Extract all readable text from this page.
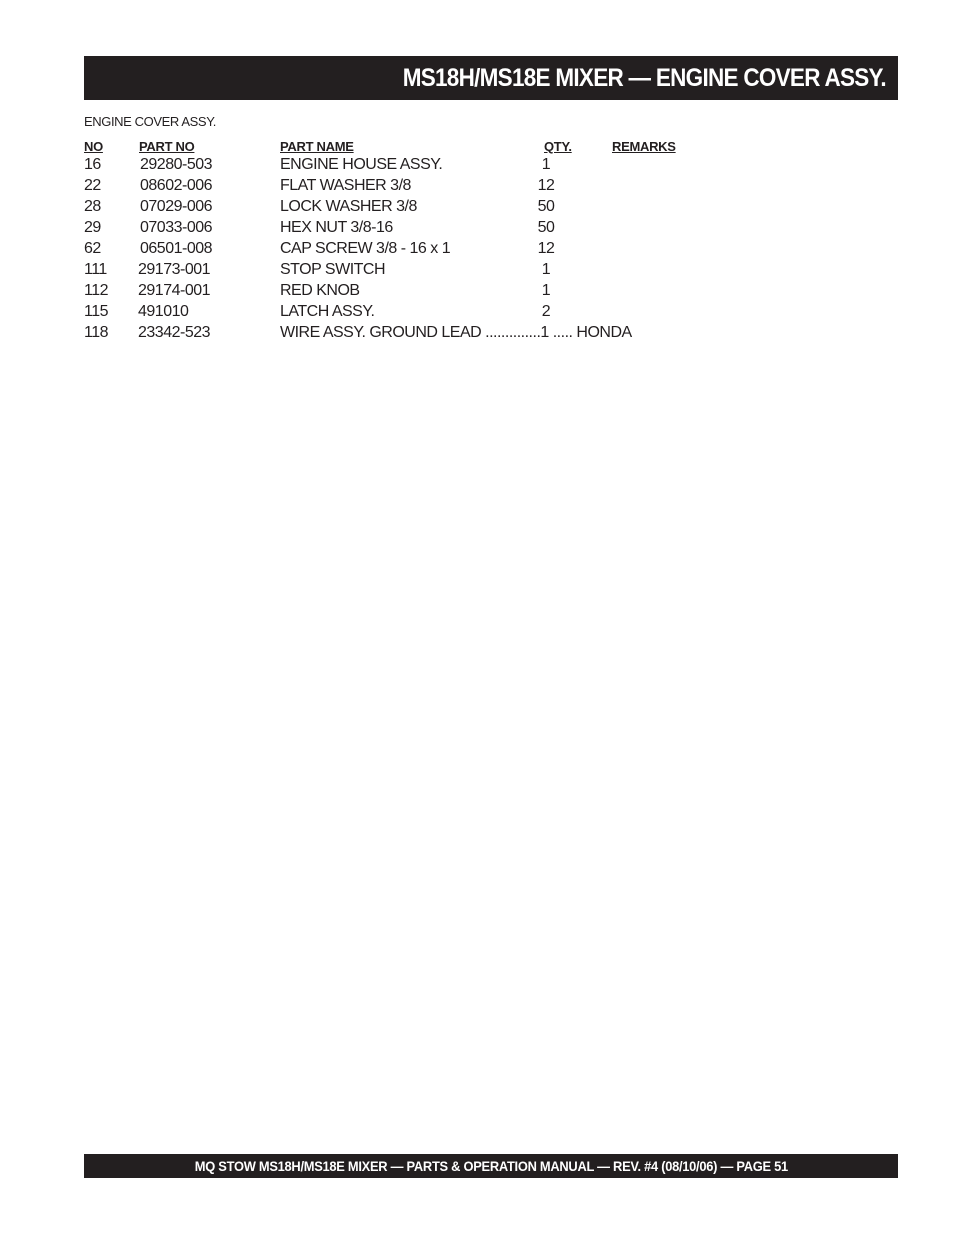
MS18H/MS18E MIXER — ENGINE COVER ASSY.
ENGINE COVER ASSY.
NO	PART NO	PART NAME	QTY.	REMARKS
16 29280-503	ENGINE HOUSE ASSY.	1
22 08602-006	FLAT WASHER 3/8	12
28 07029-006	LOCK WASHER 3/8	50
29 07033-006	HEX NUT 3/8-16	50
62 06501-008	CAP SCREW 3/8 - 16 x 1	12
111 29173-001	STOP SWITCH	1
112 29174-001	RED KNOB	1
115 491010	LATCH ASSY.	2
118 23342-523	WIRE ASSY. GROUND LEAD ..............1 ..... HONDA
MQ STOW MS18H/MS18E MIXER — PARTS & OPERATION MANUAL — REV. #4 (08/10/06) — PAGE 51
